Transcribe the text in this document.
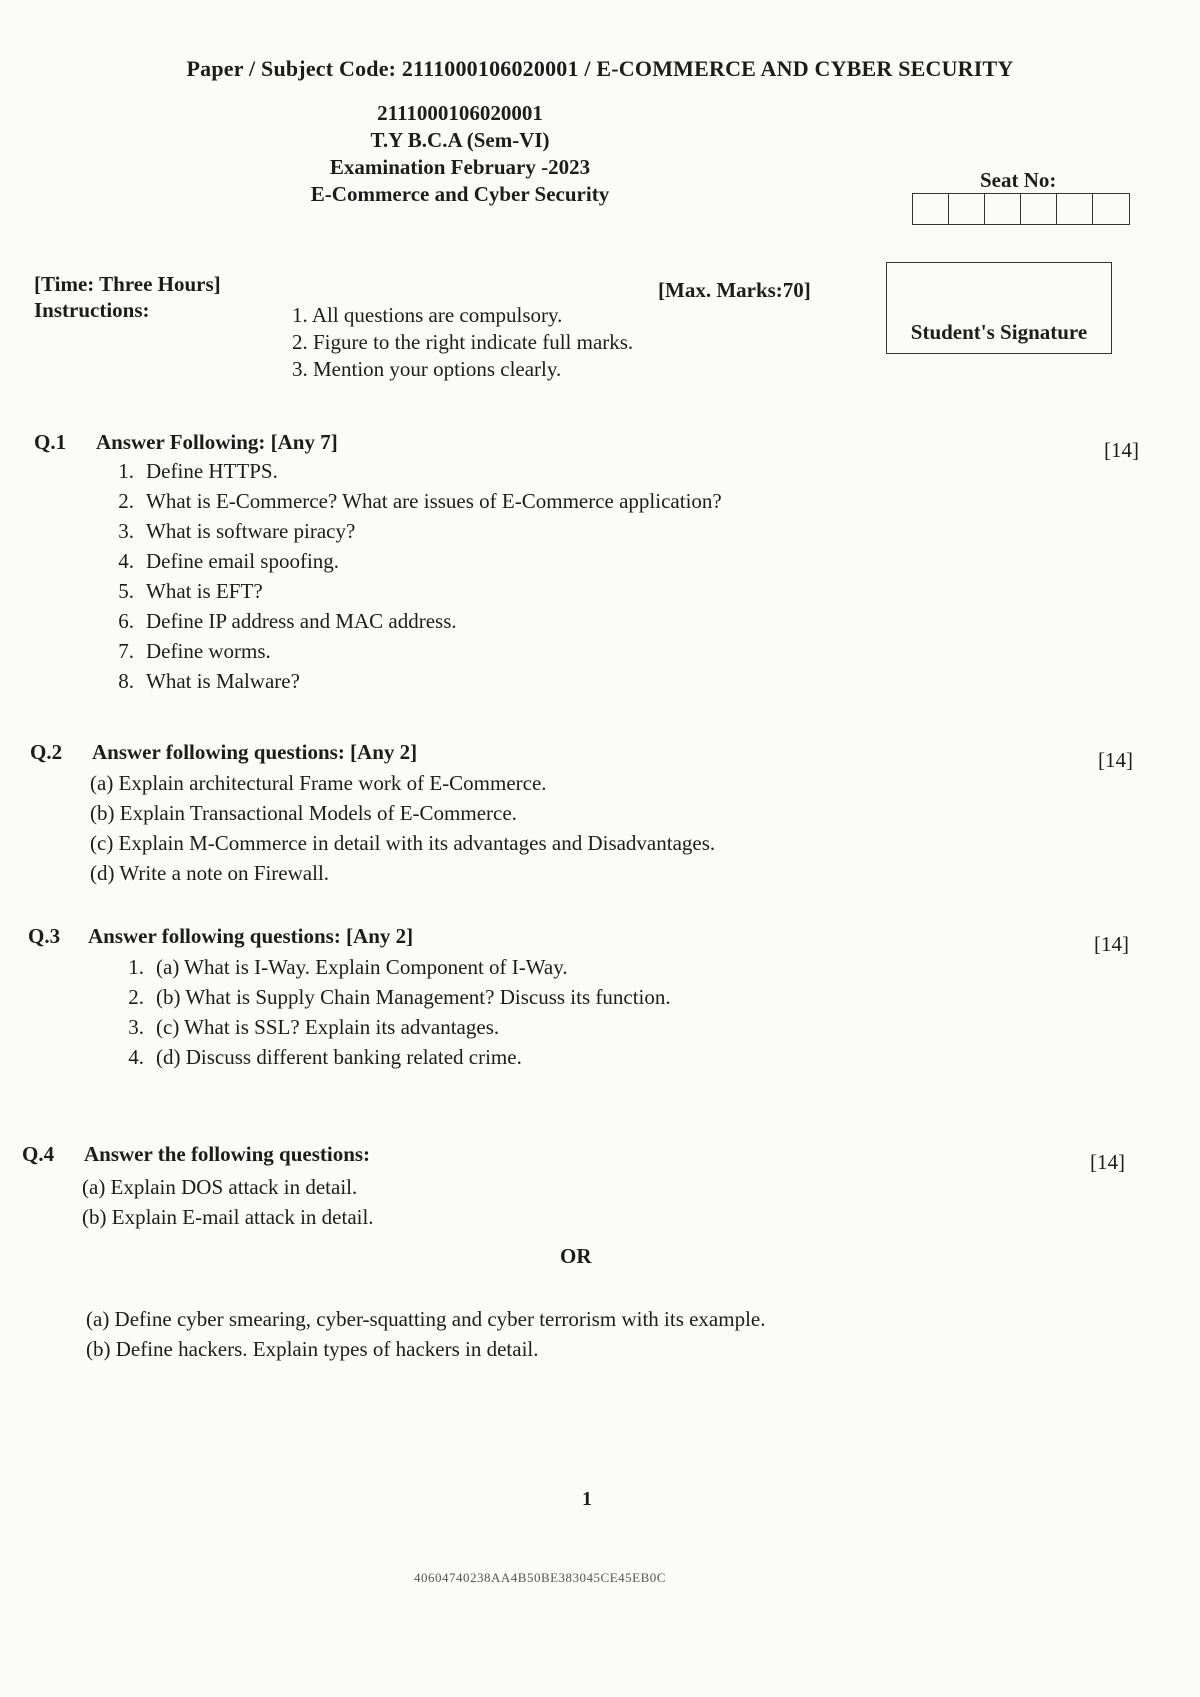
Paper / Subject Code: 2111000106020001 / E-COMMERCE AND CYBER SECURITY
2111000106020001
T.Y B.C.A (Sem-VI)
Examination February -2023
E-Commerce and Cyber Security
Seat No:
Student's Signature
[Time: Three Hours]
Instructions:
[Max. Marks:70]
1. All questions are compulsory.
2. Figure to the right indicate full marks.
3. Mention your options clearly.
Q.1 Answer Following: [Any 7]	[14]
1. Define HTTPS.
2. What is E-Commerce? What are issues of E-Commerce application?
3. What is software piracy?
4. Define email spoofing.
5. What is EFT?
6. Define IP address and MAC address.
7. Define worms.
8. What is Malware?
Q.2 Answer following questions: [Any 2]	[14]
(a) Explain architectural Frame work of E-Commerce.
(b) Explain Transactional Models of E-Commerce.
(c) Explain M-Commerce in detail with its advantages and Disadvantages.
(d) Write a note on Firewall.
Q.3 Answer following questions: [Any 2]	[14]
1. (a) What is I-Way. Explain Component of I-Way.
2. (b) What is Supply Chain Management? Discuss its function.
3. (c) What is SSL? Explain its advantages.
4. (d) Discuss different banking related crime.
Q.4 Answer the following questions:	[14]
(a) Explain DOS attack in detail.
(b) Explain E-mail attack in detail.
OR
(a) Define cyber smearing, cyber-squatting and cyber terrorism with its example.
(b) Define hackers. Explain types of hackers in detail.
1
40604740238AA4B50BE383045CE45EB0C
